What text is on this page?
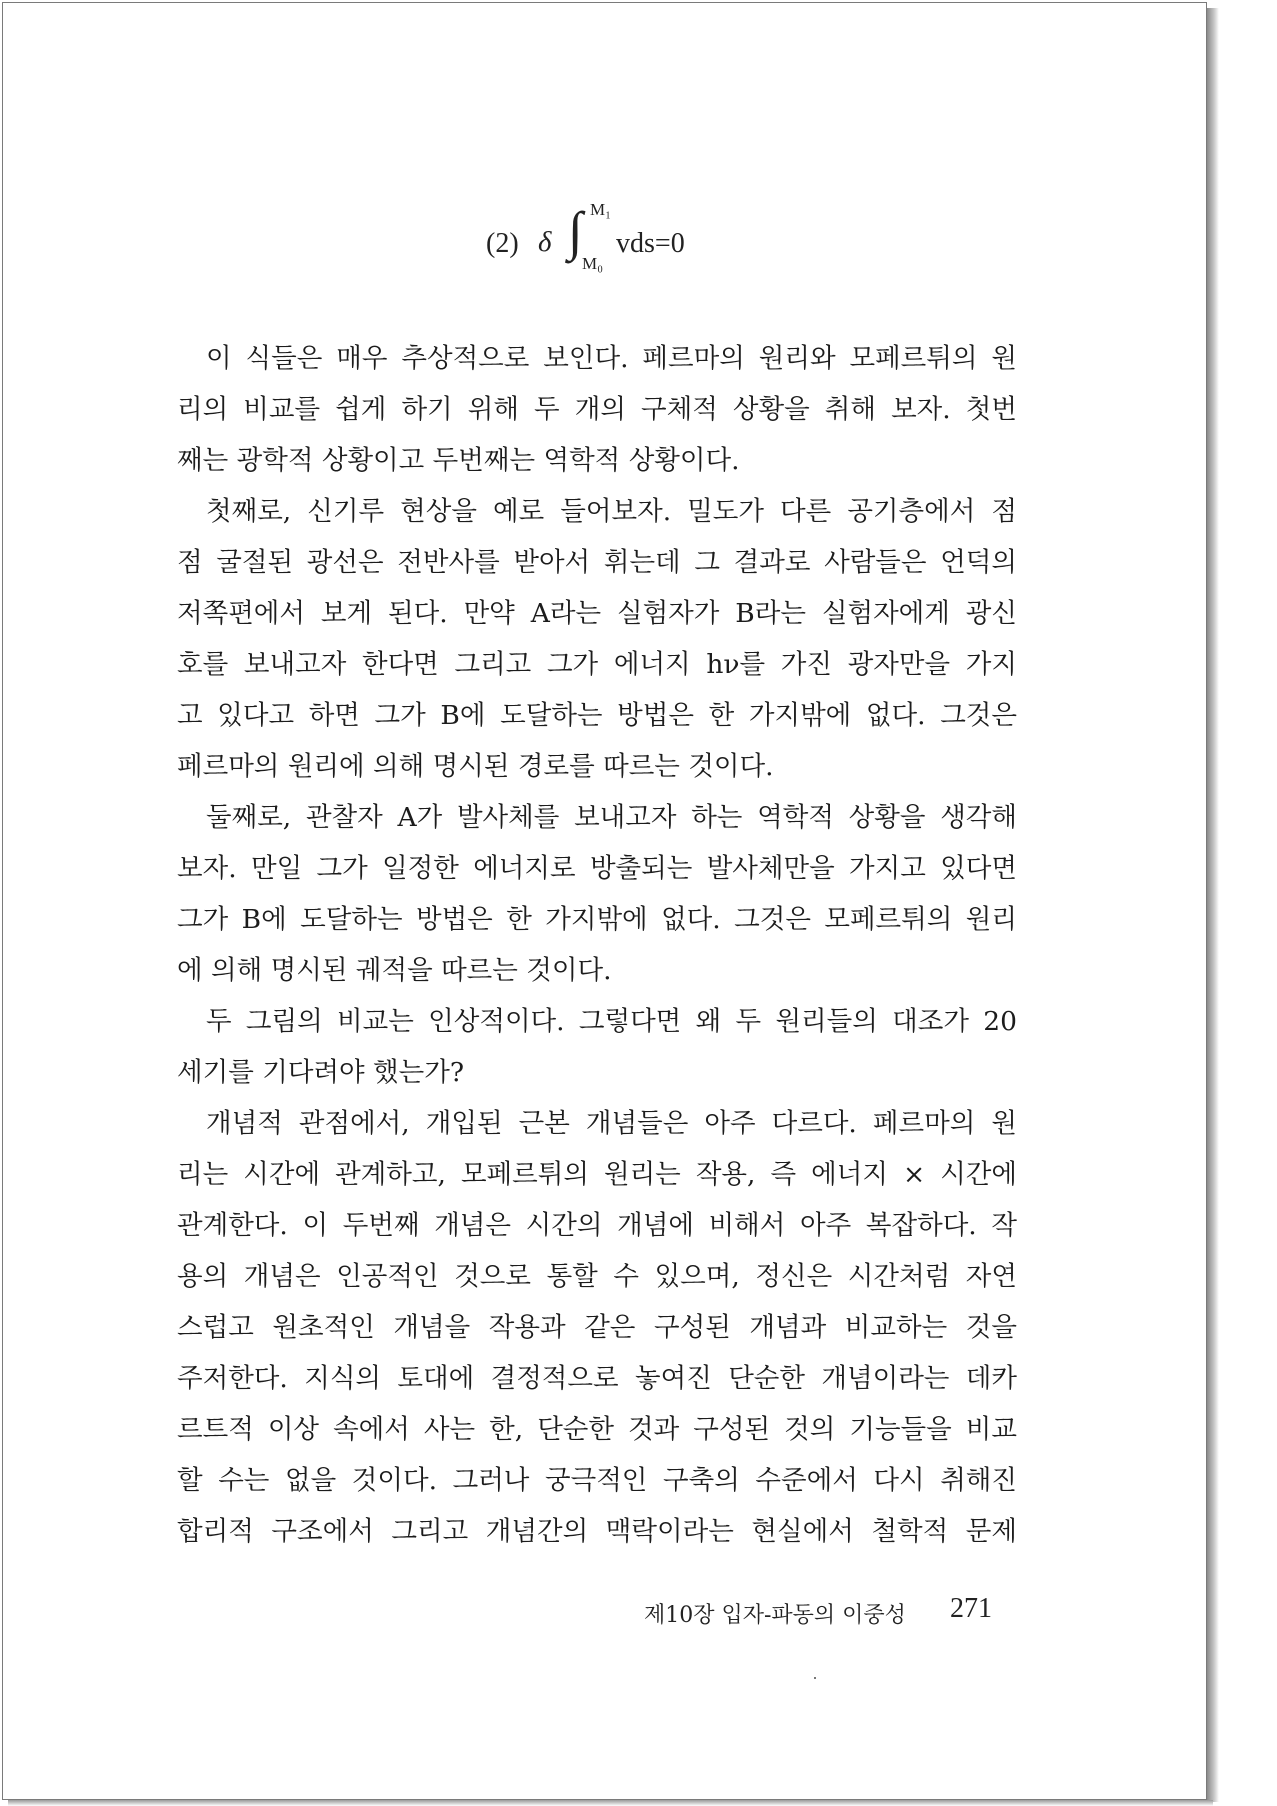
(2) δ ∫ M₁
M₀
vds=0
이 식들은 매우 추상적으로 보인다. 페르마의 원리와 모페르튀의 원
리의 비교를 쉽게 하기 위해 두 개의 구체적 상황을 취해 보자. 첫번
째는 광학적 상황이고 두번째는 역학적 상황이다.
첫째로, 신기루 현상을 예로 들어보자. 밀도가 다른 공기층에서 점
점 굴절된 광선은 전반사를 받아서 휘는데 그 결과로 사람들은 언덕의
저쪽편에서 보게 된다. 만약 A라는 실험자가 B라는 실험자에게 광신
호를 보내고자 한다면 그리고 그가 에너지 hν를 가진 광자만을 가지
고 있다고 하면 그가 B에 도달하는 방법은 한 가지밖에 없다. 그것은
페르마의 원리에 의해 명시된 경로를 따르는 것이다.
둘째로, 관찰자 A가 발사체를 보내고자 하는 역학적 상황을 생각해
보자. 만일 그가 일정한 에너지로 방출되는 발사체만을 가지고 있다면
그가 B에 도달하는 방법은 한 가지밖에 없다. 그것은 모페르튀의 원리
에 의해 명시된 궤적을 따르는 것이다.
두 그림의 비교는 인상적이다. 그렇다면 왜 두 원리들의 대조가 20
세기를 기다려야 했는가?
개념적 관점에서, 개입된 근본 개념들은 아주 다르다. 페르마의 원
리는 시간에 관계하고, 모페르튀의 원리는 작용, 즉 에너지 × 시간에
관계한다. 이 두번째 개념은 시간의 개념에 비해서 아주 복잡하다. 작
용의 개념은 인공적인 것으로 통할 수 있으며, 정신은 시간처럼 자연
스럽고 원초적인 개념을 작용과 같은 구성된 개념과 비교하는 것을
주저한다. 지식의 토대에 결정적으로 놓여진 단순한 개념이라는 데카
르트적 이상 속에서 사는 한, 단순한 것과 구성된 것의 기능들을 비교
할 수는 없을 것이다. 그러나 궁극적인 구축의 수준에서 다시 취해진
합리적 구조에서 그리고 개념간의 맥락이라는 현실에서 철학적 문제
제10장 입자-파동의 이중성 271
